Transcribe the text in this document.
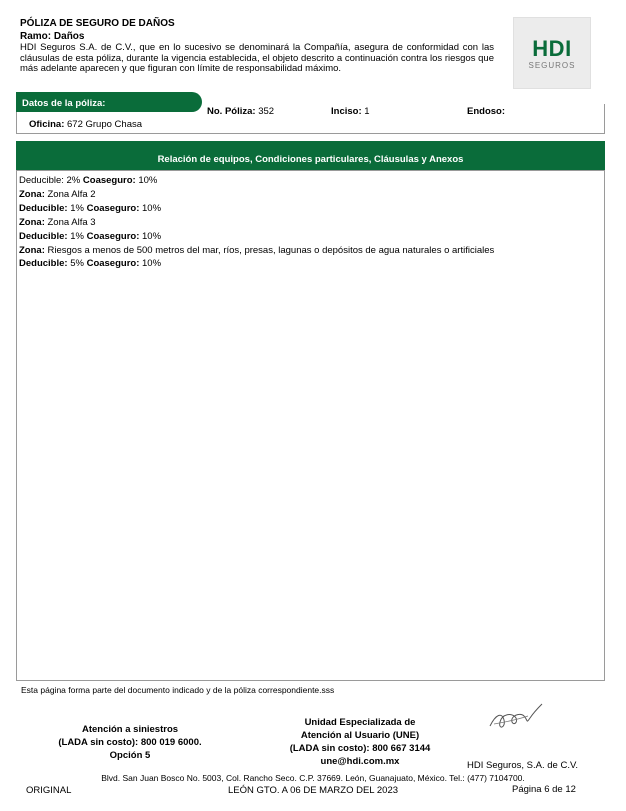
PÓLIZA DE SEGURO DE DAÑOS
Ramo: Daños
HDI Seguros S.A. de C.V., que en lo sucesivo se denominará la Compañía, asegura de conformidad con las cláusulas de esta póliza, durante la vigencia establecida, el objeto descrito a continuación contra los riesgos que más adelante aparecen y que figuran con límite de responsabilidad máximo.
HDI
SEGUROS
Datos de la póliza:
No. Póliza: 352	Inciso: 1	Endoso:
Oficina: 672 Grupo Chasa
Relación de equipos, Condiciones particulares, Cláusulas y Anexos
Deducible: 2% Coaseguro: 10%
Zona: Zona Alfa 2
Deducible: 1% Coaseguro: 10%
Zona: Zona Alfa 3
Deducible: 1% Coaseguro: 10%
Zona: Riesgos a menos de 500 metros del mar, ríos, presas, lagunas o depósitos de agua naturales o artificiales
Deducible: 5% Coaseguro: 10%
Esta página forma parte del documento indicado y de la póliza correspondiente.sss
Atención a siniestros
(LADA sin costo): 800 019 6000.
Opción 5
Unidad Especializada de
Atención al Usuario (UNE)
(LADA sin costo): 800 667 3144
une@hdi.com.mx	HDI Seguros, S.A. de C.V.
Blvd. San Juan Bosco No. 5003, Col. Rancho Seco. C.P. 37669. León, Guanajuato, México. Tel.: (477) 7104700.
ORIGINAL	LEÓN GTO. A 06 DE MARZO DEL 2023	Página 6 de 12
